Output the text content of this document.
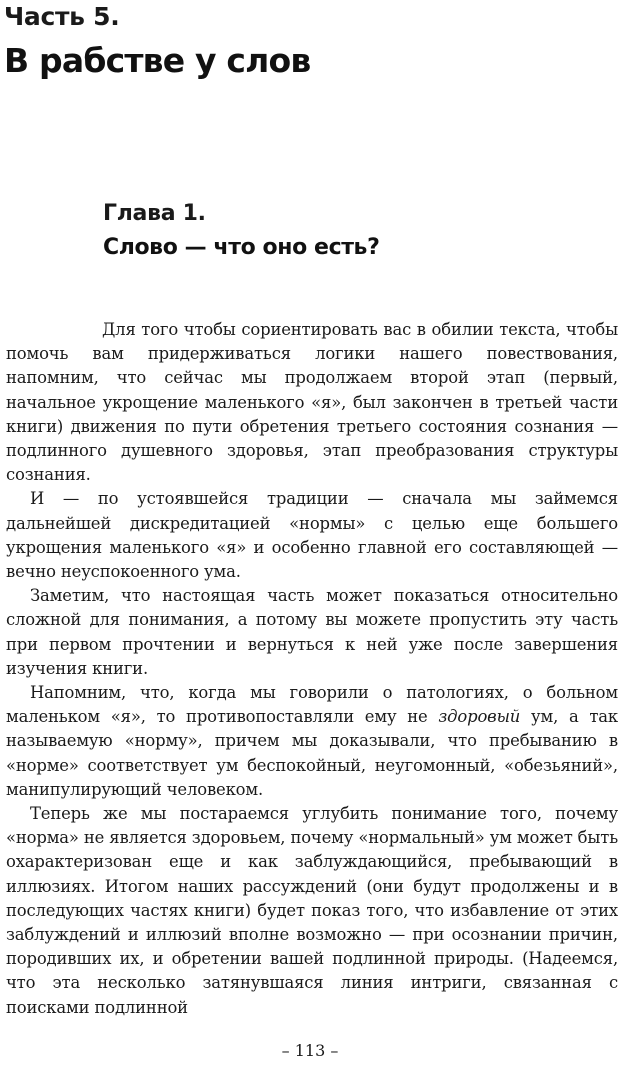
Часть 5.
В рабстве у слов
Глава 1.
Слово — что оно есть?

Для того чтобы сориентировать вас в обилии текста, чтобы помочь вам придерживаться логики нашего повествования, напомним, что сейчас мы продолжаем второй этап (первый, начальное укрощение маленького «я», был закончен в третьей части книги) движения по пути обретения третьего состояния сознания — подлинного душевного здоровья, этап преобразования структуры сознания.

И — по устоявшейся традиции — сначала мы займемся дальнейшей дискредитацией «нормы» с целью еще большего укрощения маленького «я» и особенно главной его составляющей — вечно неуспокоенного ума.

Заметим, что настоящая часть может показаться относительно сложной для понимания, а потому вы можете пропустить эту часть при первом прочтении и вернуться к ней уже после завершения изучения книги.

Напомним, что, когда мы говорили о патологиях, о больном маленьком «я», то противопоставляли ему не здоровый ум, а так называемую «норму», причем мы доказывали, что пребыванию в «норме» соответствует ум беспокойный, неугомонный, «обезьяний», манипулирующий человеком.

Теперь же мы постараемся углубить понимание того, почему «норма» не является здоровьем, почему «нормальный» ум может быть охарактеризован еще и как заблуждающийся, пребывающий в иллюзиях. Итогом наших рассуждений (они будут продолжены и в последующих частях книги) будет показ того, что избавление от этих заблуждений и иллюзий вполне возможно — при осознании причин, породивших их, и обретении вашей подлинной природы. (Надеемся, что эта несколько затянувшаяся линия интриги, связанная с поисками подлинной

– 113 –
